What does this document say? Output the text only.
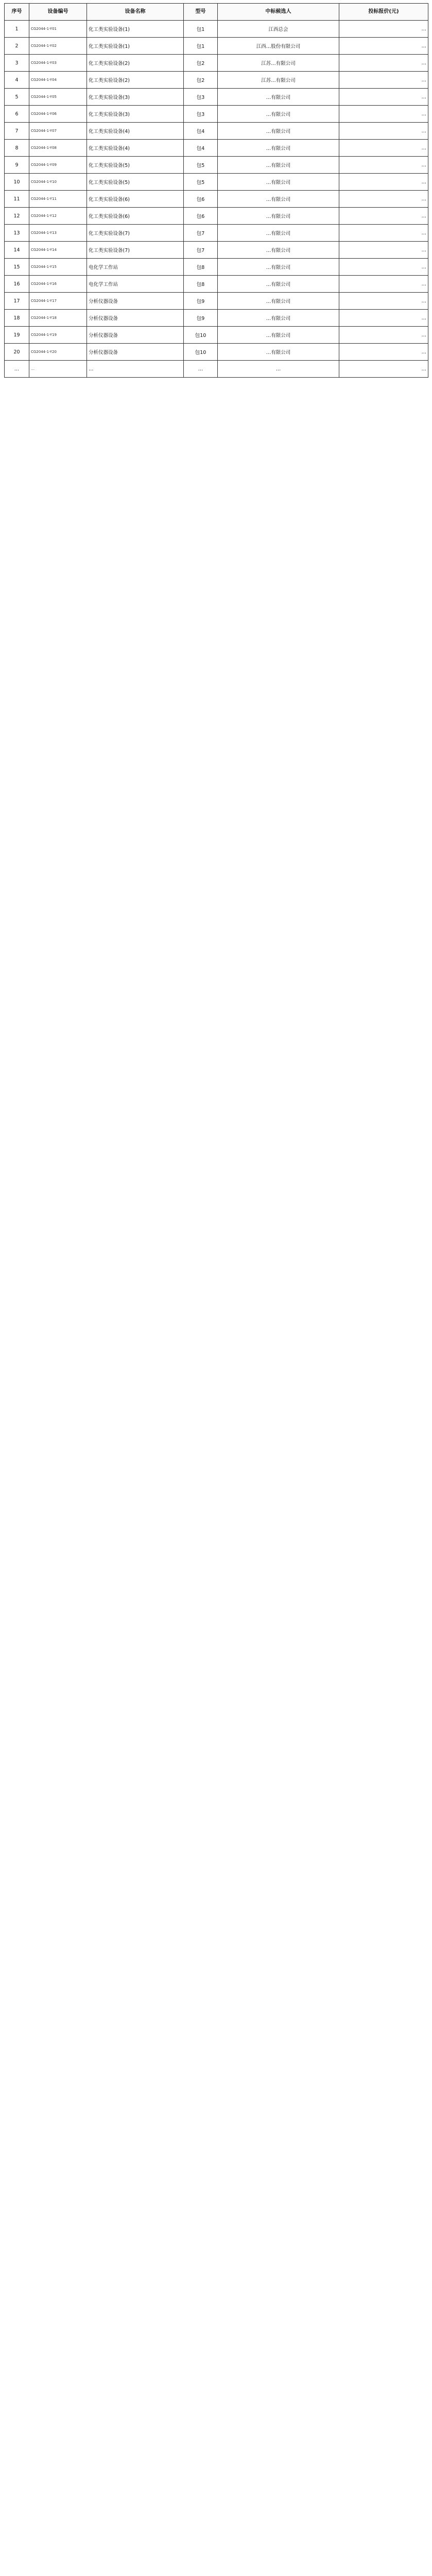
序号	设备编号	设备名称	型号	中标候选人	投标报价(元)
1	CG2044-1-Y01	化工类实验设备(1)	包1	江西总会	…
2	CG2044-1-Y02	化工类实验设备(1)	包1	江西…股份有限公司	…
3	CG2044-1-Y03	化工类实验设备(2)	包2	江苏…有限公司	…
4	CG2044-1-Y04	化工类实验设备(2)	包2	江苏…有限公司	…
5	CG2044-1-Y05	化工类实验设备(3)	包3	…有限公司	…
6	CG2044-1-Y06	化工类实验设备(3)	包3	…有限公司	…
7	CG2044-1-Y07	化工类实验设备(4)	包4	…有限公司	…
8	CG2044-1-Y08	化工类实验设备(4)	包4	…有限公司	…
9	CG2044-1-Y09	化工类实验设备(5)	包5	…有限公司	…
10	CG2044-1-Y10	化工类实验设备(5)	包5	…有限公司	…
11	CG2044-1-Y11	化工类实验设备(6)	包6	…有限公司	…
12	CG2044-1-Y12	化工类实验设备(6)	包6	…有限公司	…
13	CG2044-1-Y13	化工类实验设备(7)	包7	…有限公司	…
14	CG2044-1-Y14	化工类实验设备(7)	包7	…有限公司	…
15	CG2044-1-Y15	电化学工作站	包8	…有限公司	…
16	CG2044-1-Y16	电化学工作站	包8	…有限公司	…
17	CG2044-1-Y17	分析仪器设备	包9	…有限公司	…
18	CG2044-1-Y18	分析仪器设备	包9	…有限公司	…
19	CG2044-1-Y19	分析仪器设备	包10	…有限公司	…
20	CG2044-1-Y20	分析仪器设备	包10	…有限公司	…
…	…	…	…	…	…
